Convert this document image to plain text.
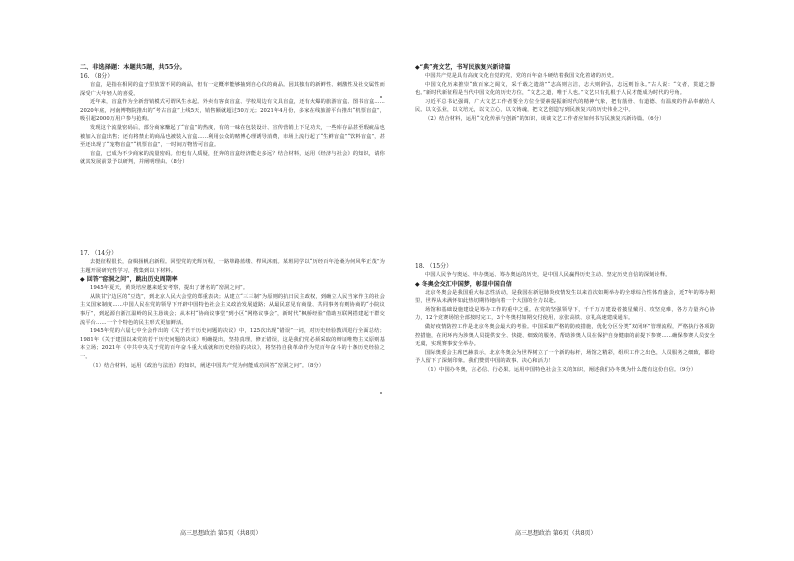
二、非选择题：本题共5题，共55分。

16. （8分）

盲盒，是指在相同的盒子里放置不同的商品，但有一定概率能够抽到自心仪的商品。因其独有的新鲜性、刺激性及社交属性而深受广大年轻人的喜爱。

近年来，盲盒作为全新营销模式可谓风生水起。外卖有客食盲盒、学校周边有文具盲盒，还有火爆的旅游盲盒、图书盲盒……2020年底，河南博物院推出的“考古盲盒”上线5天，销售额就超过50万元；2021年4月份，多家在线旅游平台推出“机票盲盒”，吸引超2000万用户参与抢购。

发现这个流量密码后，部分商家赚起了“盲盒”的热度，有的一味在包装设计、宣传营销上下足功夫，一些库存品甚至瑕疵品也被加入盲盒出售；还有将禁止的商品也被装入盲盒……利用公众的赌博心理诱导消费，市场上流行起了“生鲜盲盒”“饮料盲盒”，甚至还出现了“宠物盲盒”“机票盲盒”，一时间万物皆可盲盒。

盲盒，已成为不少商家的流量密码。但也有人质疑，狂奔的盲盒经济能走多远？结合材料，运用《经济与社会》的知识，请你就其发展前景予以研判，并阐明理由。（8分）

17. （14分）

去挺征程很长，奋楫扬帆启新程。回望党的光辉历程，一路筚路蓝缕、栉风沐雨。某班同学以“历经百年沧桑为何风华正茂”为主题开展研究性学习，搜集到以下材料。

◆ 回答“窑洞之问”，跳出历史周期率

1945年夏天，黄炎培应邀来延安考察，提出了著名的“窑洞之问”。

从陕甘宁边区的“豆选”，到北京人民大会堂的郑重表决；从建立“三三制”为原则的抗日民主政权，到确立人民当家作主的社会主义国家制度……中国人民在党的领导下开辟中国特色社会主义政治发展道路；从最民意见有商量、共同事务有则协商的“小院议事厅”，到起源自浙江温岭的民主恳谈会；从本村“协商议事堂”到小区“网格议事会”，新时代“枫桥经验”借助互联网搭建起干群交流平台……一个个特色的民主形式更加鲜活。

1945年党的六届七中全会作出的《关于若干历史问题的决议》中，125次出现“错误”一词，对历史经验教训进行全面总结；1981年《关于建国以来党的若干历史问题的决议》明确提出，坚持真理，修正错误，这是我们党必须采取的辩证唯物主义原则基本立场；2021年《中共中央关于党的百年奋斗重大成就和历史经验的决议》，将坚持自我革命作为党百年奋斗的十条历史经验之一。

（1）结合材料，运用《政治与法治》的知识，阐述中国共产党为何能成功回答“窑洞之问”。（8分）

高三思想政治 第5页（共8页）

◆“典”亮文艺，书写民族复兴新诗篇

中国共产党是具有高度文化自觉的党，党的百年奋斗硬结着我国文化着诸的历史。

中国文化历来推崇“致百家之阔文，采千载之遗韵”“志高则言洁，志大则辞弘，志远则旨永。”古人说：“文者，贯道之器也。”新时代新征程是当代中国文化的历史方位，“文艺之道，唯于人也。”文艺只有扎根于人民才能成为时代的号角。

习近平总书记强调，广大文艺工作者要全方位全要素提振新时代的精神气象，把有筋骨、有道德、有温度的作品奉献给人民。以文弘业，以文培元，以文立心，以文铸魂，把文艺创造写到民族复兴的历史伟业之中。

（2）结合材料，运用“文化传承与创新”的知识，谈谈文艺工作者应如何书写民族复兴新诗篇。（6分）

18. （15分）

中国人民争与奥运、申办奥运、筹办奥运的历史，是中国人民赢得历史主动、坚定历史自信的深刻诠释。

◆ 冬奥会交汇中国梦，彰显中国自信

北京冬奥会是我国重大标志性活动，是我国在新冠肺炎疫情发生以来首次如期举办的全球综合性体育盛会，近7年的筹办期里，世界从未满怀如此热切期待地向着一个大国的全力以赴。

场馆和基础设施建设是筹办工作的重中之重。在党的坚强领导下，千千万万建设者披星戴月、攻坚克难，各方力量齐心协力，12个竞赛场馆全部按时完工，3个冬奥村如期交付使用，京张高铁、京礼高速建成通车。

做好疫情防控工作是北京冬奥会最大的考验。中国采取严格的防疫措施，优化分区分类“双闭环”管理流程，严格执行各项防控措施，在闭环内为涉奥人员提供安全、快捷、细致的服务，帮助涉奥人员在保护自身健康的前提下参赛……确保参赛人员安全无虞，实现赛事安全举办。

国际奥委会主席巴赫表示，北京冬奥会为世界树立了一个新的标杆，场馆之精彩，组织工作之出色，人员服务之细致，都给予人留下了深刻印象。我们赞赏中国的故事、决心和活力！

（1）中国办冬奥，言必信、行必果。运用中国特色社会主义的知识，阐述我们办冬奥为什么能有这份自信。（9分）

高三思想政治 第6页（共8页）
